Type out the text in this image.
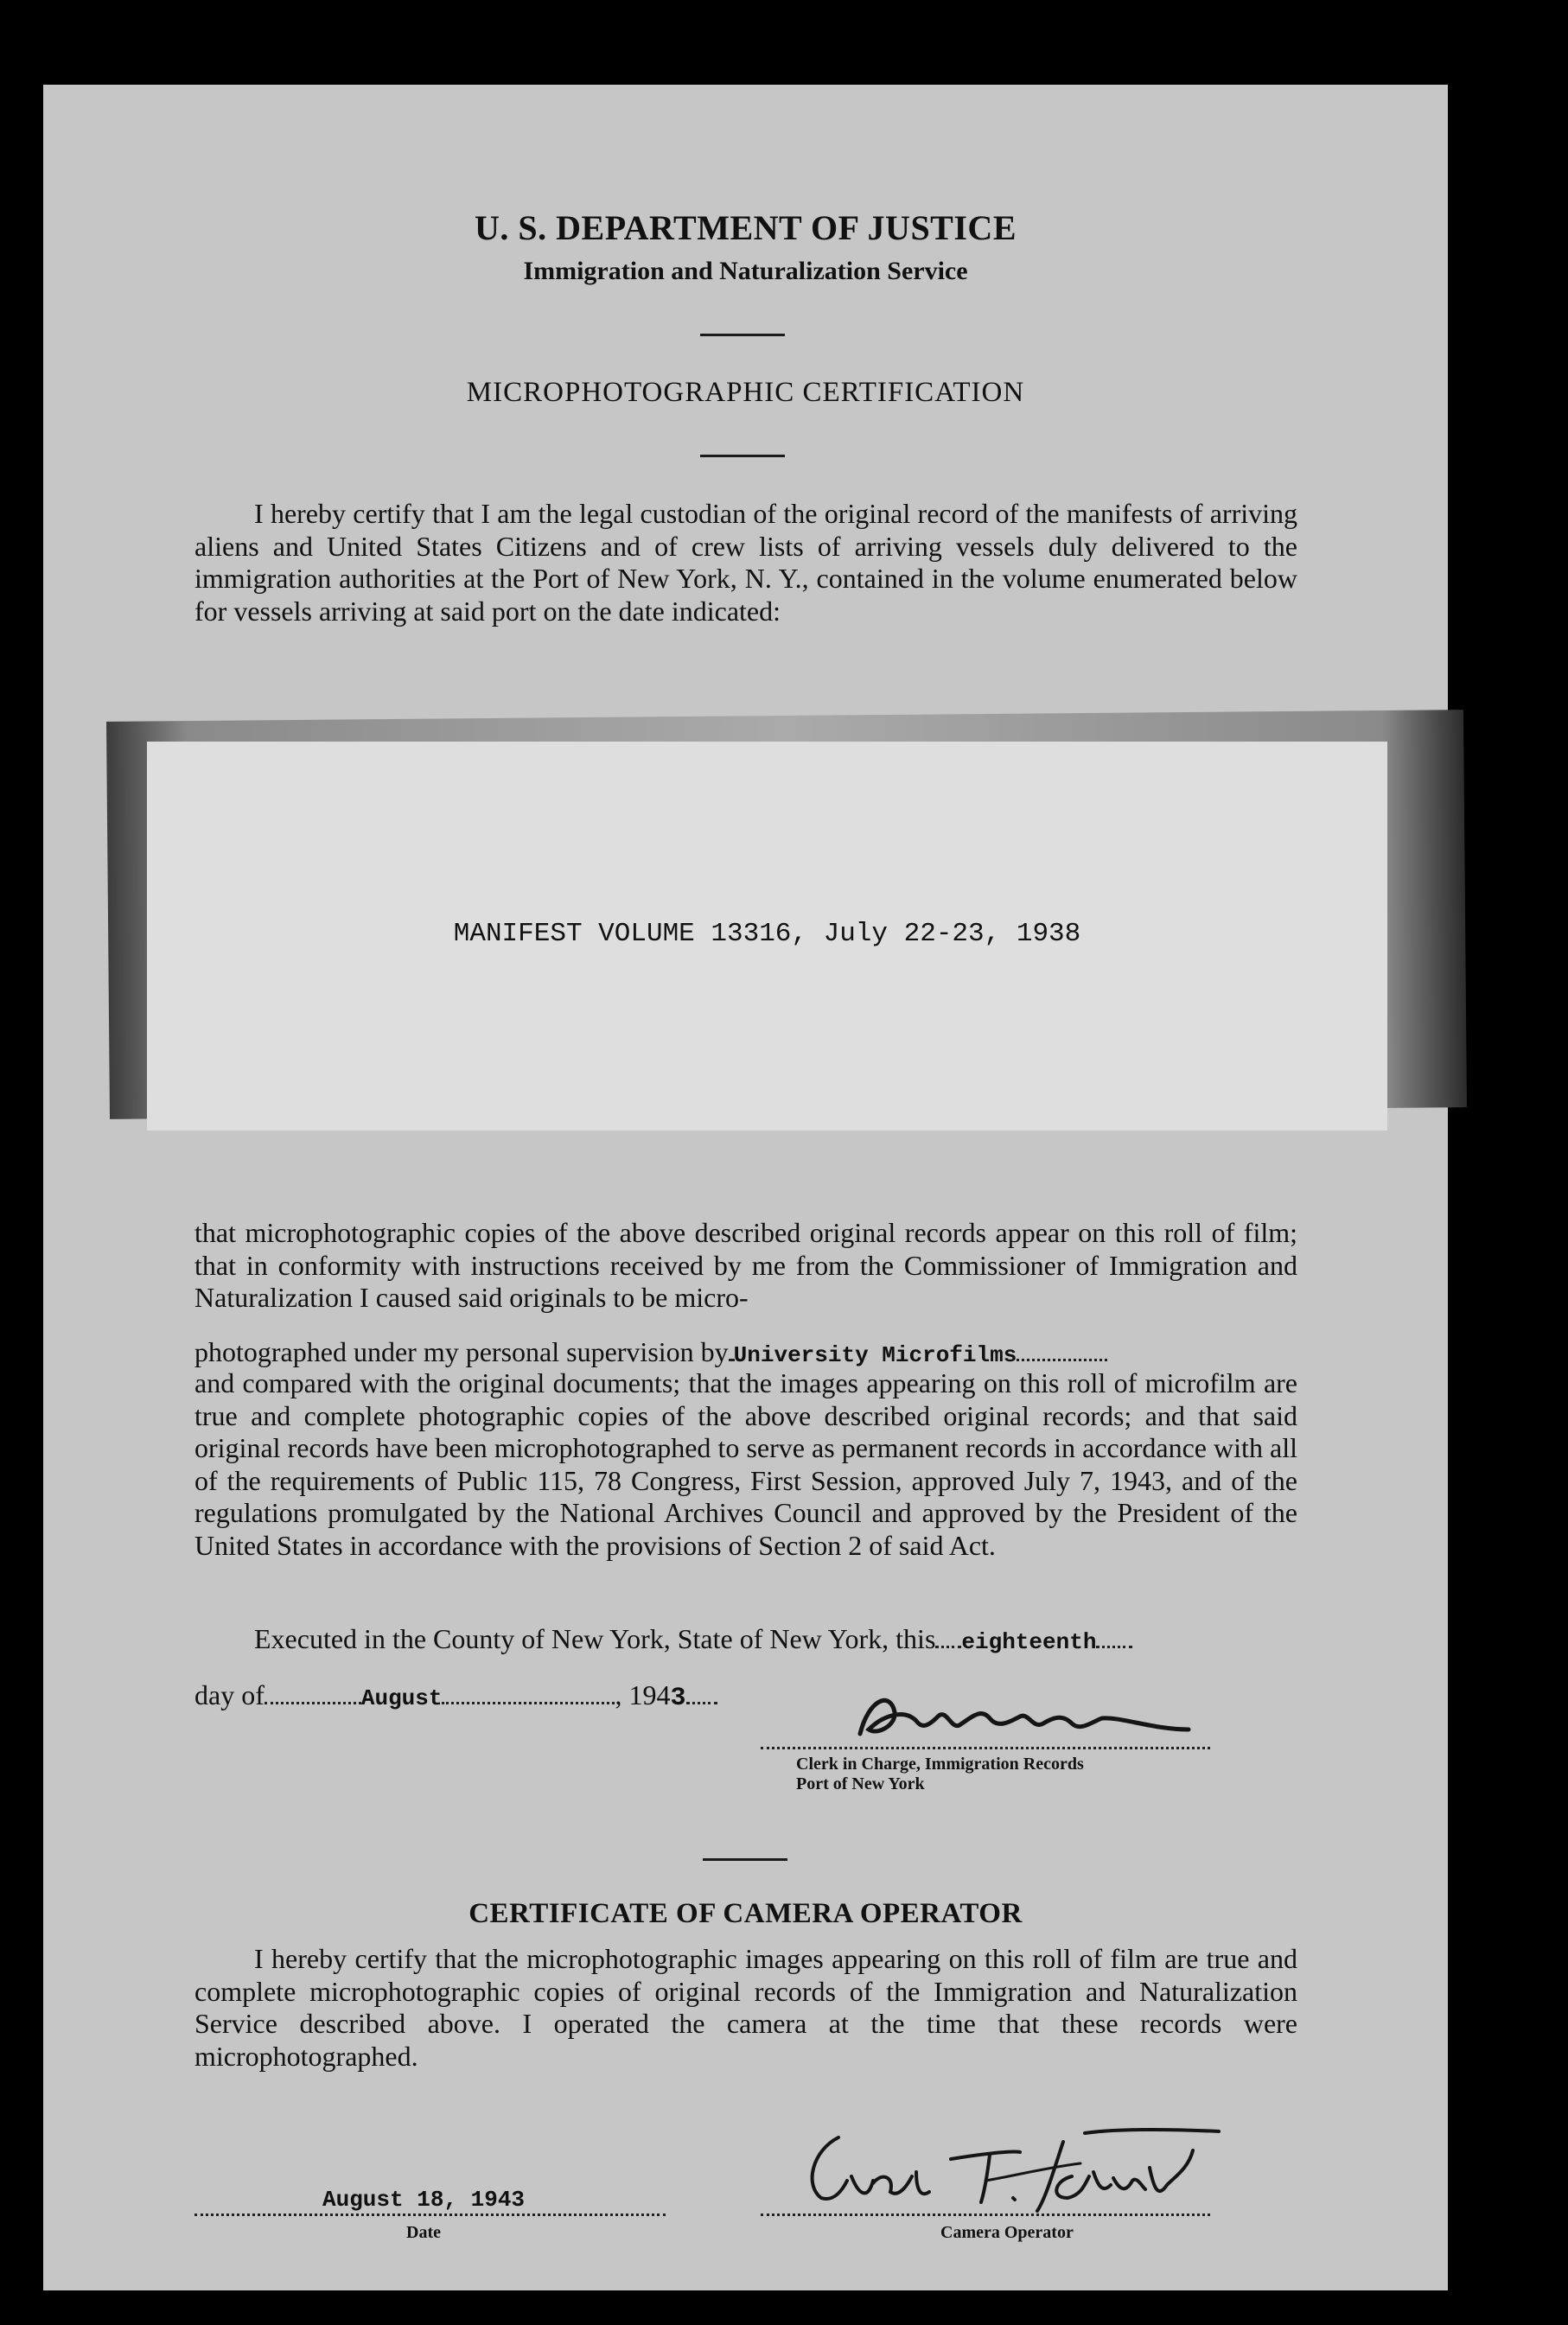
U. S. DEPARTMENT OF JUSTICE
Immigration and Naturalization Service
MICROPHOTOGRAPHIC CERTIFICATION
I hereby certify that I am the legal custodian of the original record of the manifests of arriving aliens and United States Citizens and of crew lists of arriving vessels duly delivered to the immigration authorities at the Port of New York, N. Y., contained in the volume enumerated below for vessels arriving at said port on the date indicated:
MANIFEST VOLUME 13316, July 22-23, 1938
that microphotographic copies of the above described original records appear on this roll of film; that in conformity with instructions received by me from the Commissioner of Immigration and Naturalization I caused said originals to be micro-
photographed under my personal supervision by University Microfilms
and compared with the original documents; that the images appearing on this roll of microfilm are true and complete photographic copies of the above described original records; and that said original records have been microphotographed to serve as permanent records in accordance with all of the requirements of Public 115, 78 Congress, First Session, approved July 7, 1943, and of the regulations promulgated by the National Archives Council and approved by the President of the United States in accordance with the provisions of Section 2 of said Act.
Executed in the County of New York, State of New York, this eighteenth
day of	August	, 1943
Clerk in Charge, Immigration Records
Port of New York
CERTIFICATE OF CAMERA OPERATOR
I hereby certify that the microphotographic images appearing on this roll of film are true and complete microphotographic copies of original records of the Immigration and Naturalization Service described above. I operated the camera at the time that these records were microphotographed.
August 18, 1943
Date	Camera Operator
